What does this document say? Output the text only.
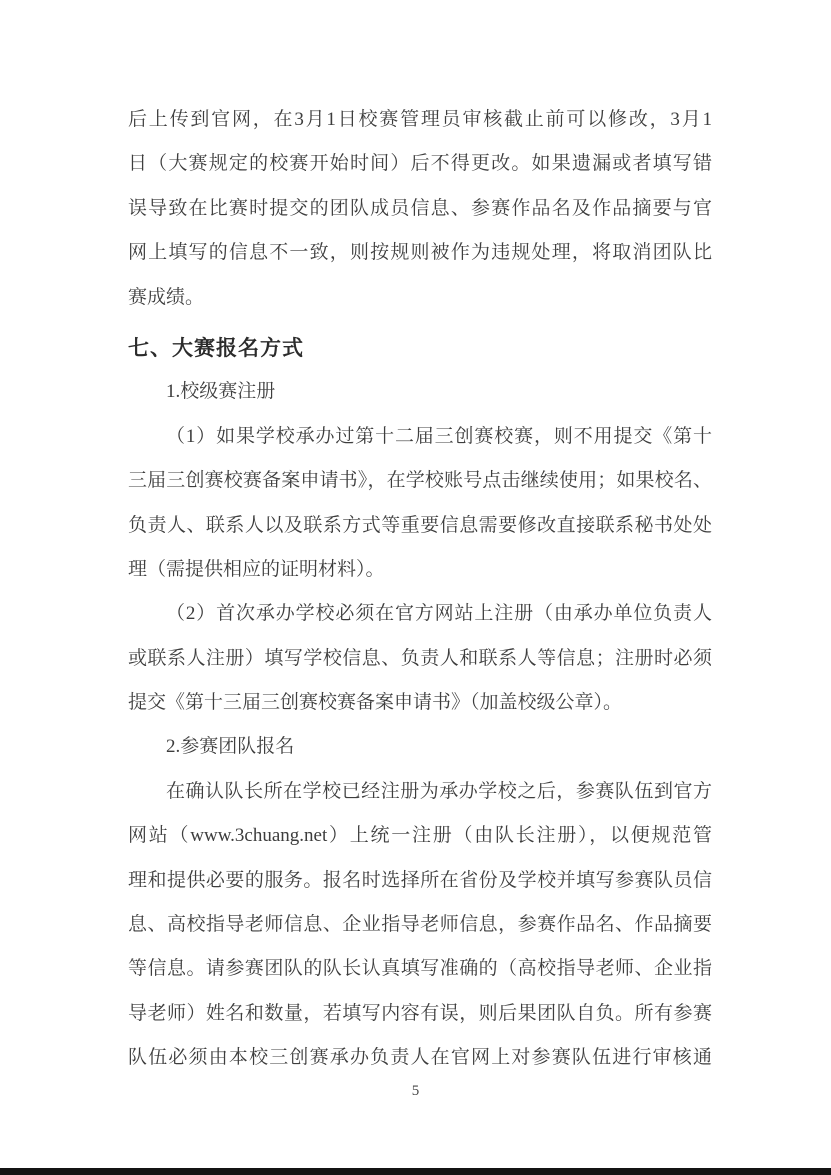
后上传到官网，在3月1日校赛管理员审核截止前可以修改，3月1
日（大赛规定的校赛开始时间）后不得更改。如果遗漏或者填写错
误导致在比赛时提交的团队成员信息、参赛作品名及作品摘要与官
网上填写的信息不一致，则按规则被作为违规处理，将取消团队比
赛成绩。
七、大赛报名方式
1.校级赛注册
（1）如果学校承办过第十二届三创赛校赛，则不用提交《第十
三届三创赛校赛备案申请书》，在学校账号点击继续使用；如果校名、
负责人、联系人以及联系方式等重要信息需要修改直接联系秘书处处
理（需提供相应的证明材料）。
（2）首次承办学校必须在官方网站上注册（由承办单位负责人
或联系人注册）填写学校信息、负责人和联系人等信息；注册时必须
提交《第十三届三创赛校赛备案申请书》（加盖校级公章）。
2.参赛团队报名
在确认队长所在学校已经注册为承办学校之后，参赛队伍到官方
网站（www.3chuang.net）上统一注册（由队长注册），以便规范管
理和提供必要的服务。报名时选择所在省份及学校并填写参赛队员信
息、高校指导老师信息、企业指导老师信息，参赛作品名、作品摘要
等信息。请参赛团队的队长认真填写准确的（高校指导老师、企业指
导老师）姓名和数量，若填写内容有误，则后果团队自负。所有参赛
队伍必须由本校三创赛承办负责人在官网上对参赛队伍进行审核通
5
